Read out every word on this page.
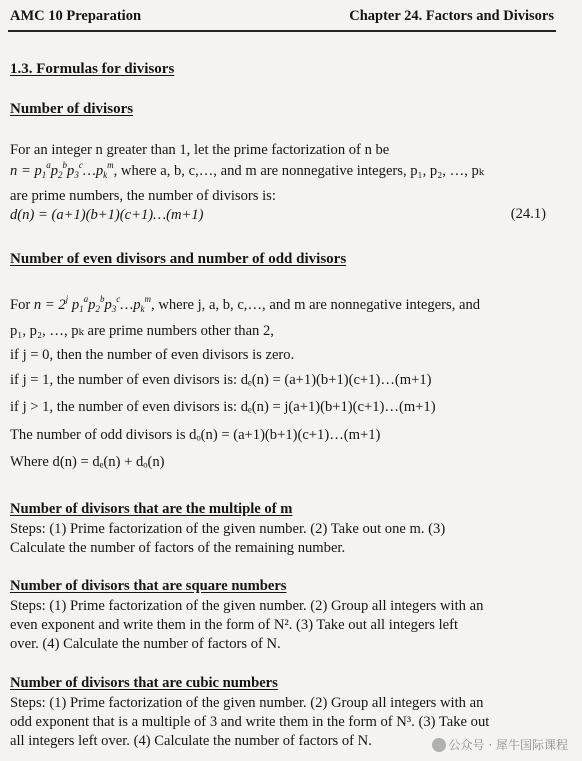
AMC 10 Preparation	Chapter 24. Factors and Divisors
1.3. Formulas for divisors
Number of divisors
For an integer n greater than 1, let the prime factorization of n be
$n = p_1^ap_2^bp_3^c\dots p_k^m$, where a, b, c,…, and m are nonnegative integers, p₁, p₂, …, pₖ
are prime numbers, the number of divisors is:
d(n) = (a+1)(b+1)(c+1)…(m+1)	(24.1)
Number of even divisors and number of odd divisors
For $n = 2^j$ $p_1^ap_2^bp_3^c\dots p_k^m$, where j, a, b, c,…, and m are nonnegative integers, and
p₁, p₂, …, pₖ are prime numbers other than 2,
if j = 0, then the number of even divisors is zero.
if j = 1, the number of even divisors is: dₑ(n) = (a+1)(b+1)(c+1)…(m+1)
if j > 1, the number of even divisors is: dₑ(n) = j(a+1)(b+1)(c+1)…(m+1)
The number of odd divisors is dₒ(n) = (a+1)(b+1)(c+1)…(m+1)
Where d(n) = dₑ(n) + dₒ(n)
Number of divisors that are the multiple of m
Steps: (1) Prime factorization of the given number. (2) Take out one m. (3)
Calculate the number of factors of the remaining number.
Number of divisors that are square numbers
Steps: (1) Prime factorization of the given number. (2) Group all integers with an
even exponent and write them in the form of N². (3) Take out all integers left
over. (4) Calculate the number of factors of N.
Number of divisors that are cubic numbers
Steps: (1) Prime factorization of the given number. (2) Group all integers with an
odd exponent that is a multiple of 3 and write them in the form of N³. (3) Take out
all integers left over. (4) Calculate the number of factors of N.	公众号 · 犀牛国际课程
